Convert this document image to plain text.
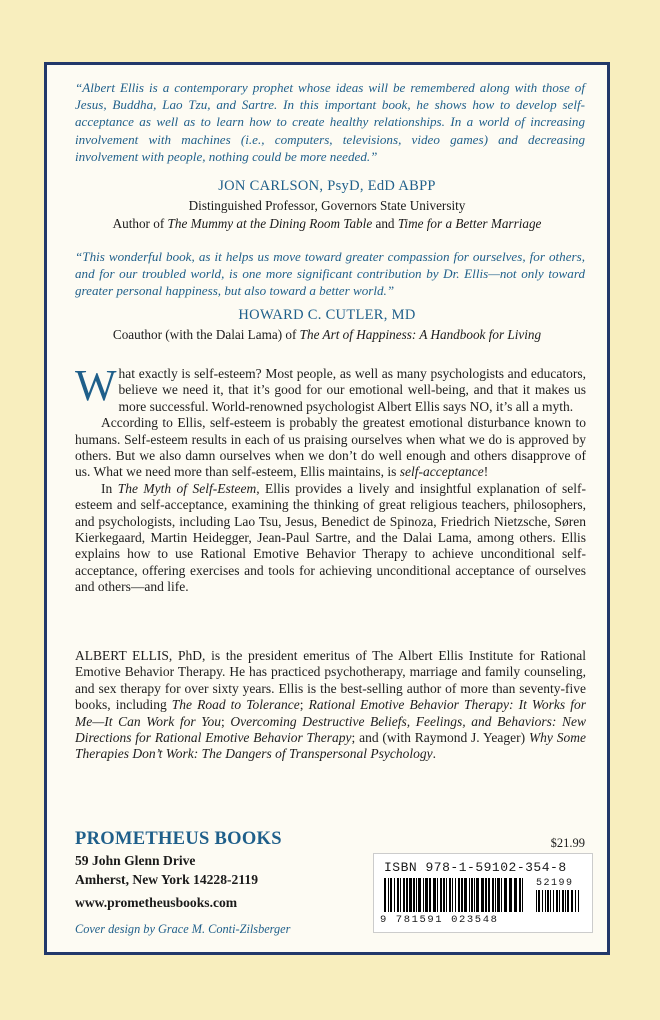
“Albert Ellis is a contemporary prophet whose ideas will be remembered along with those of Jesus, Buddha, Lao Tzu, and Sartre. In this important book, he shows how to develop self-acceptance as well as to learn how to create healthy relationships. In a world of increasing involvement with machines (i.e., computers, televisions, video games) and decreasing involvement with people, nothing could be more needed.”
JON CARLSON, PsyD, EdD ABPP
Distinguished Professor, Governors State University
Author of The Mummy at the Dining Room Table and Time for a Better Marriage
“This wonderful book, as it helps us move toward greater compassion for ourselves, for others, and for our troubled world, is one more significant contribution by Dr. Ellis—not only toward greater personal happiness, but also toward a better world.”
HOWARD C. CUTLER, MD
Coauthor (with the Dalai Lama) of The Art of Happiness: A Handbook for Living

What exactly is self-esteem? Most people, as well as many psychologists and educators, believe we need it, that it’s good for our emotional well-being, and that it makes us more successful. World-renowned psychologist Albert Ellis says NO, it’s all a myth.

According to Ellis, self-esteem is probably the greatest emotional disturbance known to humans. Self-esteem results in each of us praising ourselves when what we do is approved by others. But we also damn ourselves when we don’t do well enough and others disapprove of us. What we need more than self-esteem, Ellis maintains, is self-acceptance!

In The Myth of Self-Esteem, Ellis provides a lively and insightful explanation of self-esteem and self-acceptance, examining the thinking of great religious teachers, philosophers, and psychologists, including Lao Tsu, Jesus, Benedict de Spinoza, Friedrich Nietzsche, Søren Kierkegaard, Martin Heidegger, Jean-Paul Sartre, and the Dalai Lama, among others. Ellis explains how to use Rational Emotive Behavior Therapy to achieve unconditional self-acceptance, offering exercises and tools for achieving unconditional acceptance of ourselves and others—and life.

ALBERT ELLIS, PhD, is the president emeritus of The Albert Ellis Institute for Rational Emotive Behavior Therapy. He has practiced psychotherapy, marriage and family counseling, and sex therapy for over sixty years. Ellis is the best-selling author of more than seventy-five books, including The Road to Tolerance; Rational Emotive Behavior Therapy: It Works for Me—It Can Work for You; Overcoming Destructive Beliefs, Feelings, and Behaviors: New Directions for Rational Emotive Behavior Therapy; and (with Raymond J. Yeager) Why Some Therapies Don’t Work: The Dangers of Transpersonal Psychology.

PROMETHEUS BOOKS
59 John Glenn Drive
Amherst, New York 14228-2119
www.prometheusbooks.com
Cover design by Grace M. Conti-Zilsberger
$21.99
ISBN 978-1-59102-354-8
9 781591 023548
52199
